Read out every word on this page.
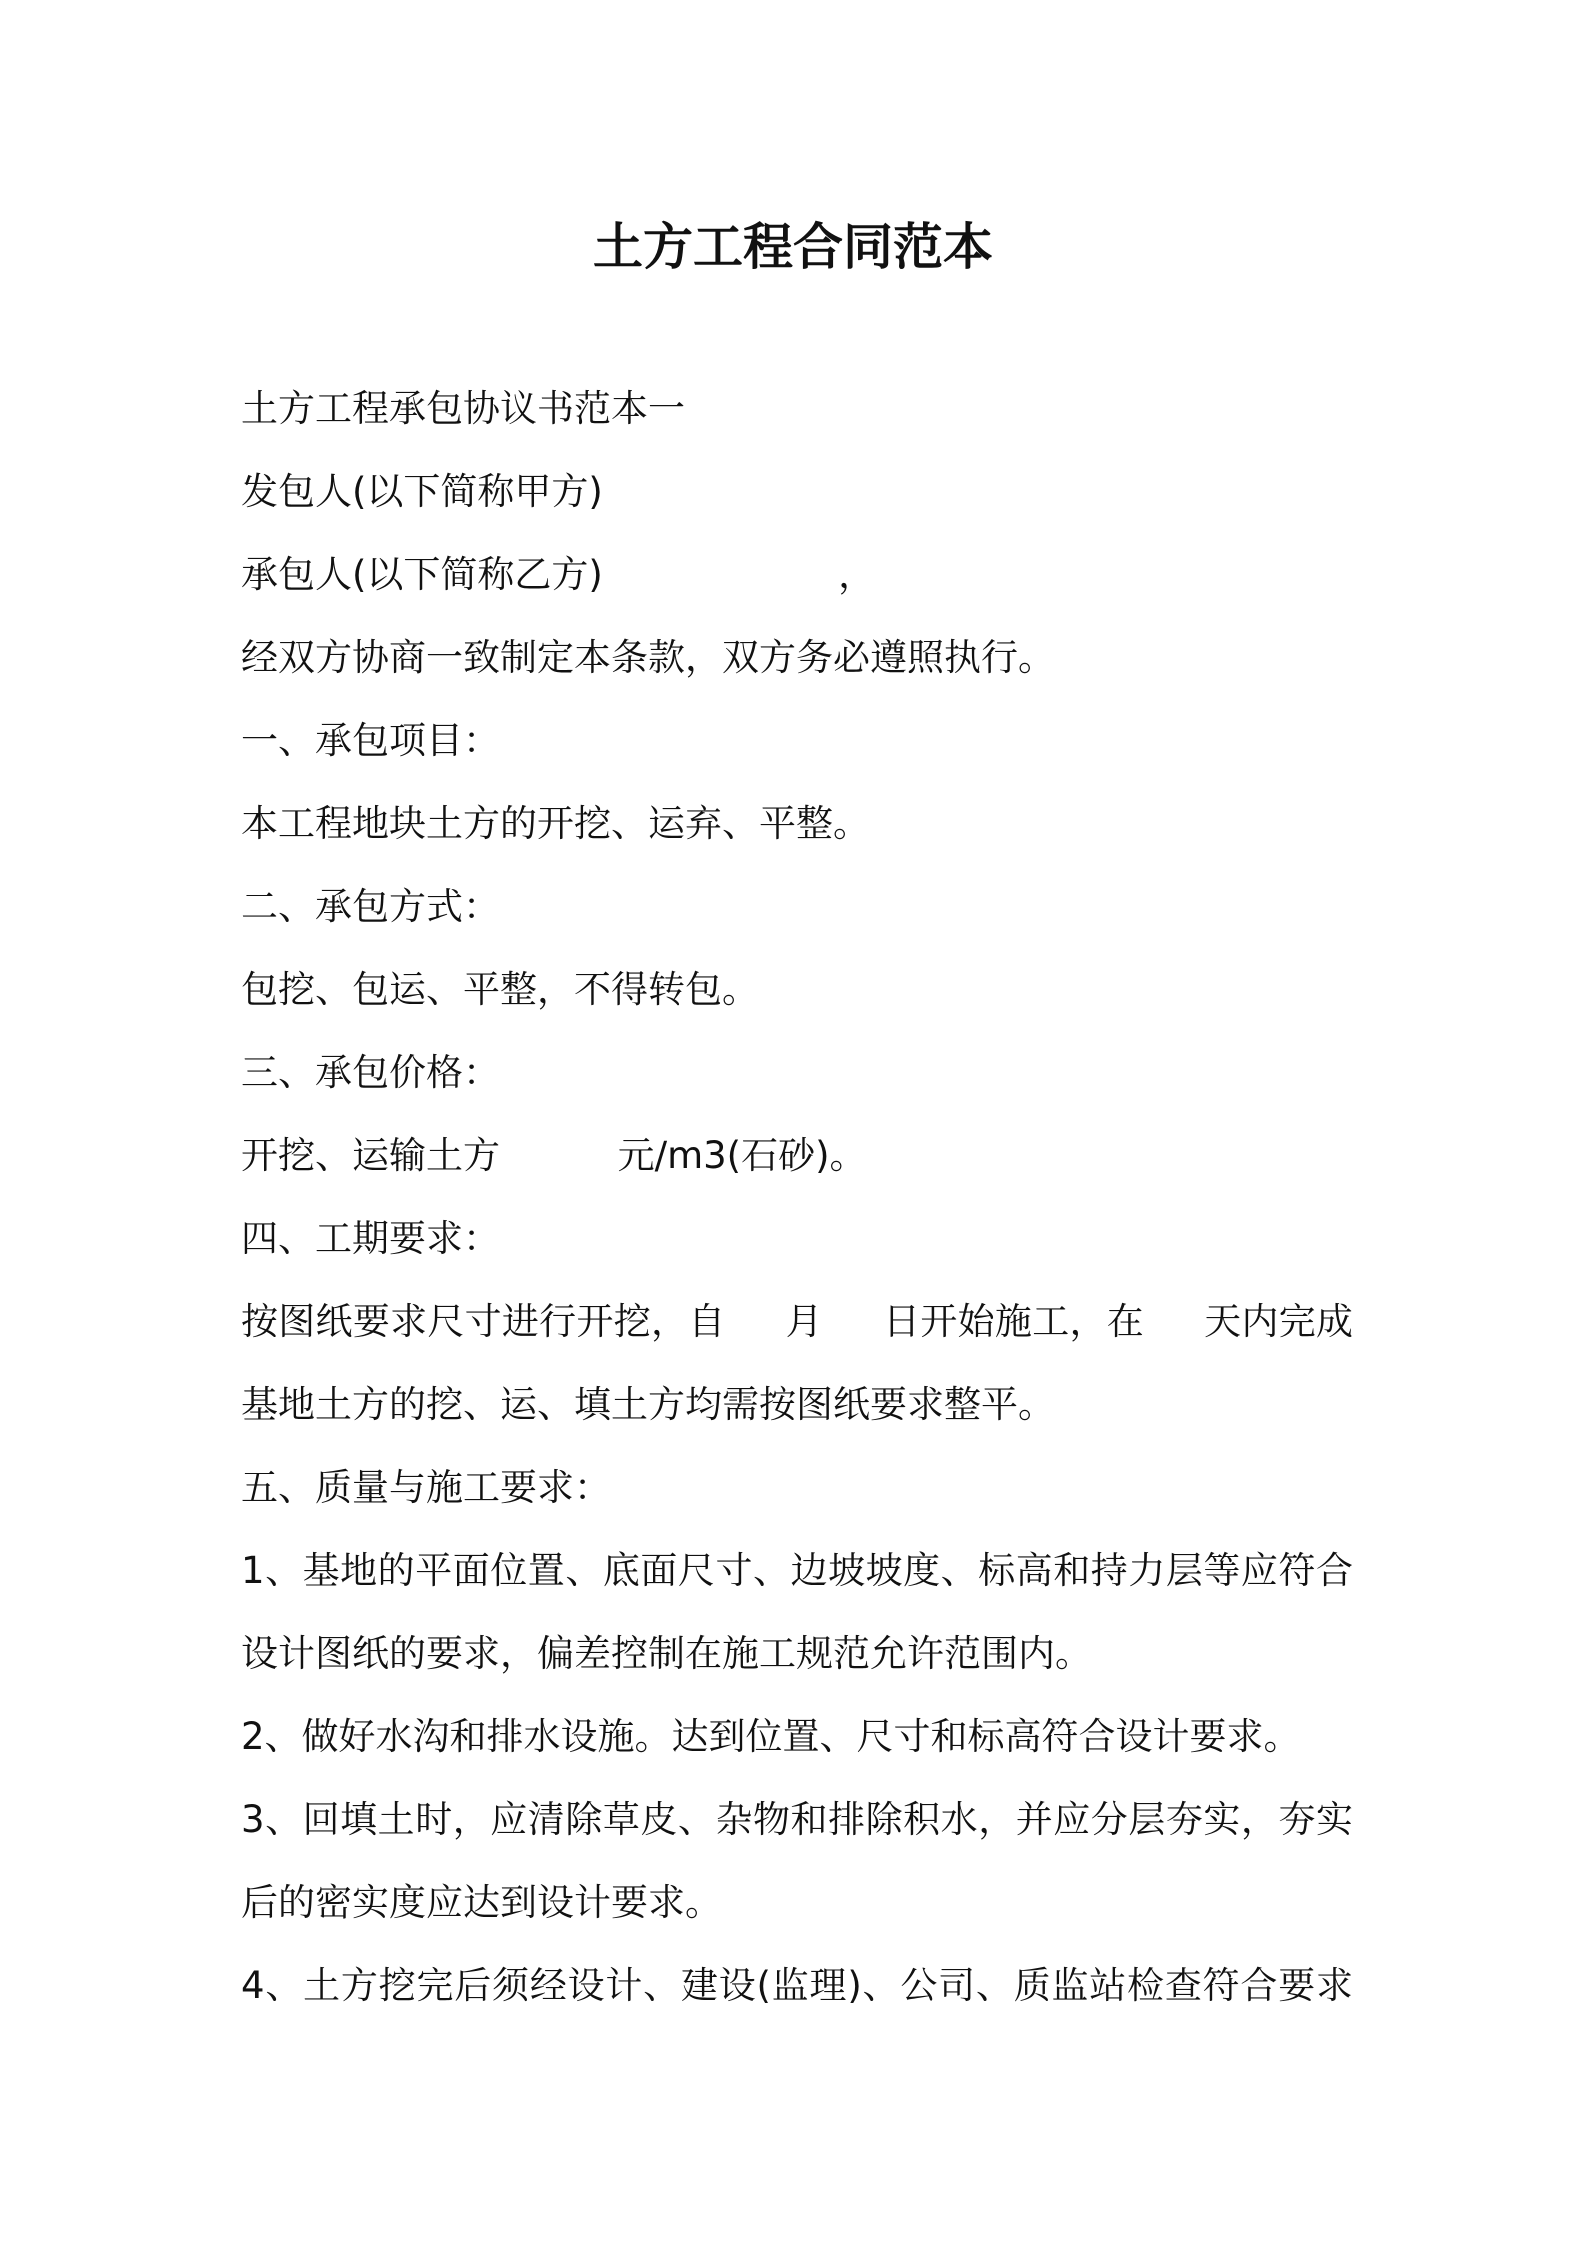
土方工程合同范本
土方工程承包协议书范本一
发包人(以下简称甲方)
承包人(以下简称乙方)                    ，
经双方协商一致制定本条款，双方务必遵照执行。
一、承包项目：
本工程地块土方的开挖、运弃、平整。
二、承包方式：
包挖、包运、平整，不得转包。
三、承包价格：
开挖、运输土方          元/m3(石砂)。
四、工期要求：
按图纸要求尺寸进行开挖，自     月     日开始施工，在     天内完成
基地土方的挖、运、填土方均需按图纸要求整平。
五、质量与施工要求：
1、基地的平面位置、底面尺寸、边坡坡度、标高和持力层等应符合
设计图纸的要求，偏差控制在施工规范允许范围内。
2、做好水沟和排水设施。达到位置、尺寸和标高符合设计要求。
3、回填土时，应清除草皮、杂物和排除积水，并应分层夯实，夯实
后的密实度应达到设计要求。
4、土方挖完后须经设计、建设(监理)、公司、质监站检查符合要求
